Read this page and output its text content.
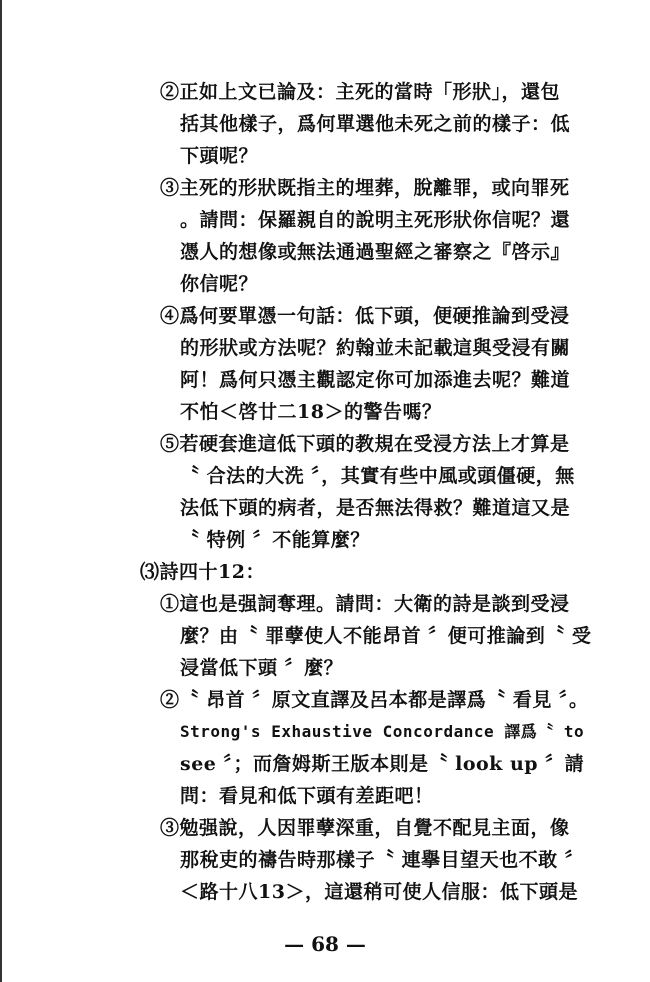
— 68 —
②正如上文已論及：主死的當時「形狀」，還包
括其他樣子，爲何單選他未死之前的樣子：低
下頭呢？
③主死的形狀既指主的埋葬，脫離罪，或向罪死
。請問：保羅親自的說明主死形狀你信呢？還
憑人的想像或無法通過聖經之審察之『啓示』
你信呢？
④爲何要單憑一句話：低下頭，便硬推論到受浸
的形狀或方法呢？約翰並未記載這與受浸有關
阿！爲何只憑主觀認定你可加添進去呢？難道
不怕＜啓廿二18＞的警告嗎？
⑤若硬套進這低下頭的教規在受浸方法上才算是
〝 合法的大洗 〞，其實有些中風或頭僵硬，無
法低下頭的病者，是否無法得救？難道這又是
〝 特例 〞不能算麼？
⑶詩四十12：
①這也是强詞奪理。請問：大衛的詩是談到受浸
麼？由〝 罪孽使人不能昂首 〞便可推論到〝 受
浸當低下頭 〞麼？
②〝 昂首 〞原文直譯及呂本都是譯爲〝 看見 〞。
Strong's Exhaustive Concordance 譯爲〝 to
see 〞；而詹姆斯王版本則是〝 look up 〞請
問：看見和低下頭有差距吧！
③勉强說，人因罪孽深重，自覺不配見主面，像
那稅吏的禱告時那樣子〝 連擧目望天也不敢 〞
＜路十八13＞，這還稍可使人信服：低下頭是
